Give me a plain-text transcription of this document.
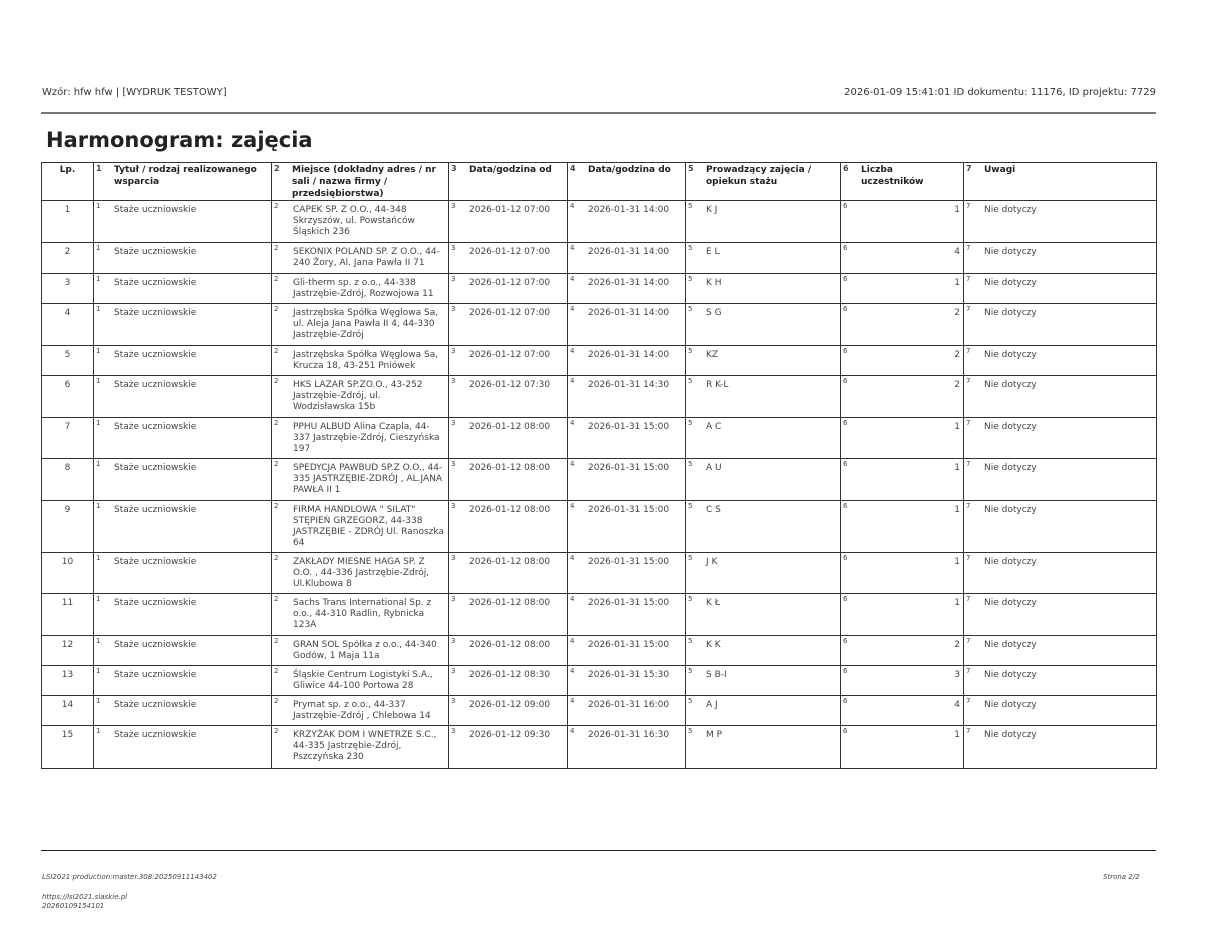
Wzór: hfw hfw | [WYDRUK TESTOWY]	2026-01-09 15:41:01 ID dokumentu: 11176, ID projektu: 7729
Harmonogram: zajęcia
Lp.	1 Tytuł / rodzaj realizowanego wsparcia	2 Miejsce (dokładny adres / nr sali / nazwa firmy / przedsiębiorstwa)	3 Data/godzina od	4 Data/godzina do	5 Prowadzący zajęcia / opiekun stażu	6 Liczba uczestników	7 Uwagi

1	1 Staże uczniowskie	2 CAPEK SP. Z O.O., 44-348 Skrzyszów, ul. Powstańców Śląskich 236	3 2026-01-12 07:00	4 2026-01-31 14:00	5 K J	6 1	7 Nie dotyczy

2	1 Staże uczniowskie	2 SEKONIX POLAND SP. Z O.O., 44-240 Żory, Al. Jana Pawła II 71	3 2026-01-12 07:00	4 2026-01-31 14:00	5 E L	6 4	7 Nie dotyczy

3	1 Staże uczniowskie	2 Gli-therm sp. z o.o., 44-338 Jastrzębie-Zdrój, Rozwojowa 11	3 2026-01-12 07:00	4 2026-01-31 14:00	5 K H	6 1	7 Nie dotyczy

4	1 Staże uczniowskie	2 Jastrzębska Spółka Węglowa Sa, ul. Aleja Jana Pawła II 4, 44-330 Jastrzębie-Zdrój	3 2026-01-12 07:00	4 2026-01-31 14:00	5 S G	6 2	7 Nie dotyczy

5	1 Staże uczniowskie	2 Jastrzębska Spółka Węglowa Sa, Krucza 18, 43-251 Pniówek	3 2026-01-12 07:00	4 2026-01-31 14:00	5 KZ	6 2	7 Nie dotyczy

6	1 Staże uczniowskie	2 HKS LAZAR SP.ZO.O., 43-252 Jastrzębie-Zdrój, ul. Wodzisławska 15b	3 2026-01-12 07:30	4 2026-01-31 14:30	5 R K-L	6 2	7 Nie dotyczy

7	1 Staże uczniowskie	2 PPHU ALBUD Alina Czapla, 44-337 Jastrzębie-Zdrój, Cieszyńska 197	3 2026-01-12 08:00	4 2026-01-31 15:00	5 A C	6 1	7 Nie dotyczy

8	1 Staże uczniowskie	2 SPEDYCJA PAWBUD SP.Z O.O., 44-335 JASTRZĘBIE-ZDRÓJ , AL.JANA PAWŁA II 1	3 2026-01-12 08:00	4 2026-01-31 15:00	5 A U	6 1	7 Nie dotyczy

9	1 Staże uczniowskie	2 FIRMA HANDLOWA " SILAT" STĘPIEŃ GRZEGORZ, 44-338 JASTRZĘBIE - ZDRÓJ Ul. Ranoszka 64	3 2026-01-12 08:00	4 2026-01-31 15:00	5 C S	6 1	7 Nie dotyczy

10	1 Staże uczniowskie	2 ZAKŁADY MIESNE HAGA SP. Z O.O. , 44-336 Jastrzębie-Zdrój, Ul.Klubowa 8	3 2026-01-12 08:00	4 2026-01-31 15:00	5 J K	6 1	7 Nie dotyczy

11	1 Staże uczniowskie	2 Sachs Trans International Sp. z o.o., 44-310 Radlin, Rybnicka 123A	3 2026-01-12 08:00	4 2026-01-31 15:00	5 K Ł	6 1	7 Nie dotyczy

12	1 Staże uczniowskie	2 GRAN SOL Spółka z o.o., 44-340 Godów, 1 Maja 11a	3 2026-01-12 08:00	4 2026-01-31 15:00	5 K K	6 2	7 Nie dotyczy

13	1 Staże uczniowskie	2 Śląskie Centrum Logistyki S.A., Gliwice 44-100 Portowa 28	3 2026-01-12 08:30	4 2026-01-31 15:30	5 S B-I	6 3	7 Nie dotyczy

14	1 Staże uczniowskie	2 Prymat sp. z o.o., 44-337 Jastrzębie-Zdrój , Chlebowa 14	3 2026-01-12 09:00	4 2026-01-31 16:00	5 A J	6 4	7 Nie dotyczy

15	1 Staże uczniowskie	2 KRZYŻAK DOM I WNETRZE S.C., 44-335 Jastrzębie-Zdrój, Pszczyńska 230	3 2026-01-12 09:30	4 2026-01-31 16:30	5 M P	6 1	7 Nie dotyczy
LSI2021 production:master.308:20250911143402
https://lsi2021.slaskie.pl
20260109154101
Strona 2/2
